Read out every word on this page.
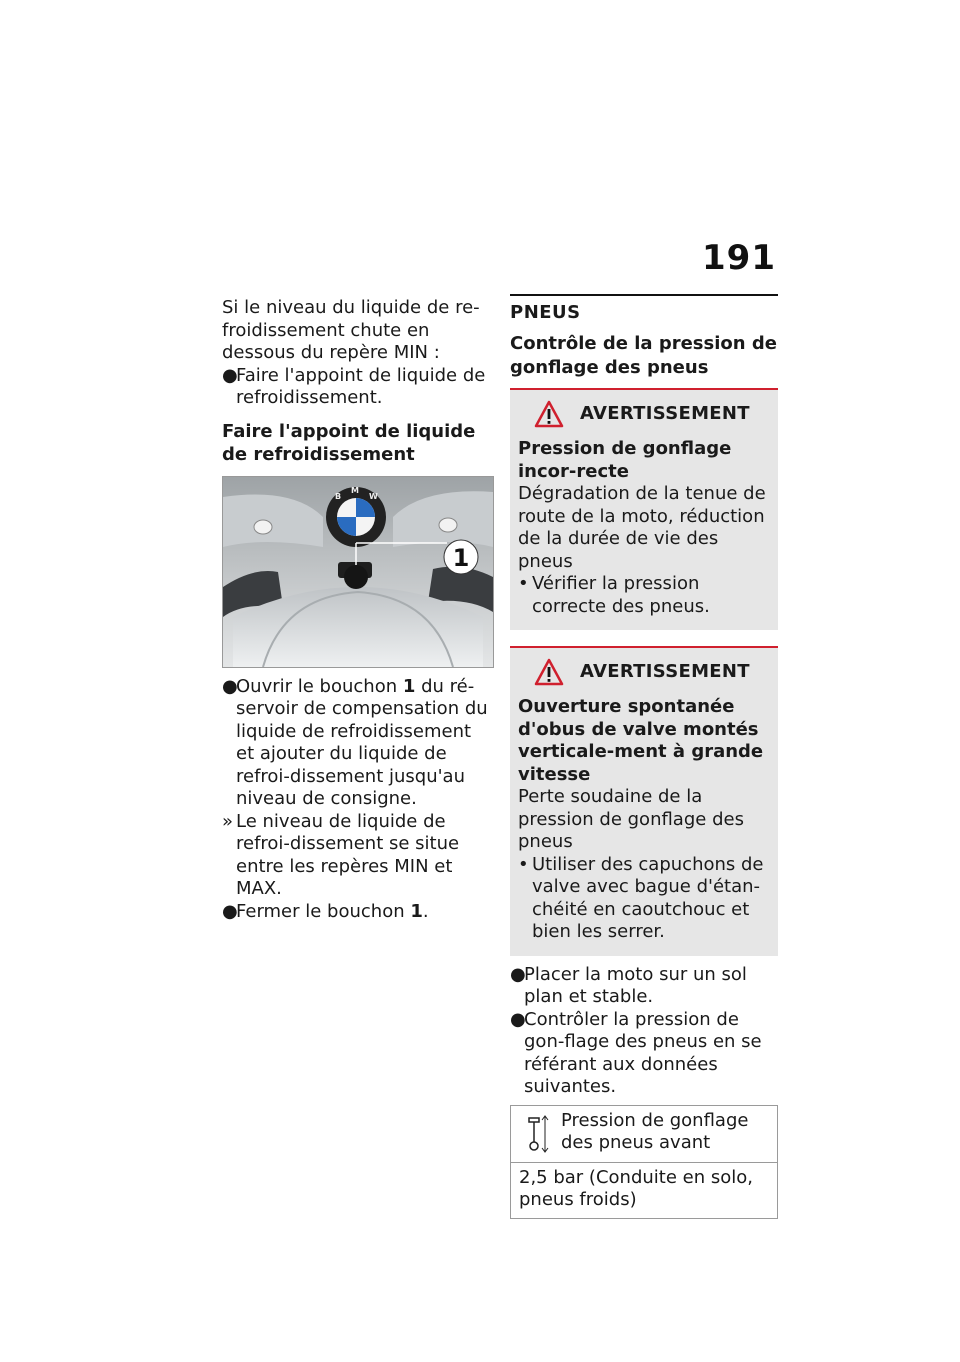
191

Si le niveau du liquide de re-froidissement chute en dessous du repère MIN :

●
Faire l'appoint de liquide de refroidissement.

Faire l'appoint de liquide de refroidissement

B
M
W
1
●
Ouvrir le bouchon 1 du ré-servoir de compensation du liquide de refroidissement et ajouter du liquide de refroi-dissement jusqu'au niveau de consigne.
» Le niveau de liquide de refroi-dissement se situe entre les repères MIN et MAX.
●
Fermer le bouchon 1.
PNEUS
Contrôle de la pression de gonflage des pneus
AVERTISSEMENT

Pression de gonflage incor-recte

Dégradation de la tenue de route de la moto, réduction de la durée de vie des pneus

• Vérifier la pression correcte des pneus.
AVERTISSEMENT

Ouverture spontanée d'obus de valve montés verticale-ment à grande vitesse

Perte soudaine de la pression de gonflage des pneus

• Utiliser des capuchons de valve avec bague d'étan-chéité en caoutchouc et bien les serrer.
●
Placer la moto sur un sol plan et stable.
●
Contrôler la pression de gon-flage des pneus en se référant aux données suivantes.
Pression de gonflage des pneus avant
2,5 bar (Conduite en solo, pneus froids)
